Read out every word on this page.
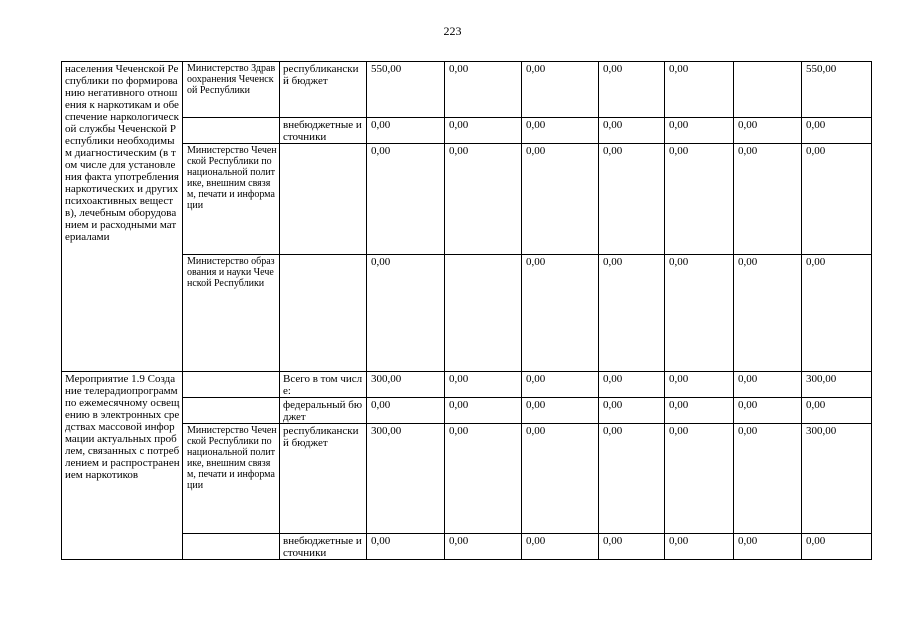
223
населения Чеченской Республики по формированию негативного отношения к наркотикам и обеспечение наркологической службы Чеченской Республики необходимым диагностическим (в том числе для установления факта употребления наркотических и других психоактивных веществ), лечебным оборудованием и расходными материалами	Министерство Здравоохранения Чеченской Республики	республиканский бюджет	550,00	0,00	0,00	0,00	0,00		550,00
		внебюджетные источники	0,00	0,00	0,00	0,00	0,00	0,00	0,00
	Министерство Чеченской Республики по национальной политике, внешним связям, печати и информации		0,00	0,00	0,00	0,00	0,00	0,00	0,00
	Министерство образования и науки Чеченской Республики		0,00		0,00	0,00	0,00	0,00	0,00
Мероприятие 1.9 Создание телерадиопрограмм по ежемесячному освещению в электронных средствах массовой информации актуальных проблем, связанных с потреблением и распространением наркотиков		Всего в том числе:	300,00	0,00	0,00	0,00	0,00	0,00	300,00
		федеральный бюджет	0,00	0,00	0,00	0,00	0,00	0,00	0,00
	Министерство Чеченской Республики по национальной политике, внешним связям, печати и информации	республиканский бюджет	300,00	0,00	0,00	0,00	0,00	0,00	300,00
		внебюджетные источники	0,00	0,00	0,00	0,00	0,00	0,00	0,00
